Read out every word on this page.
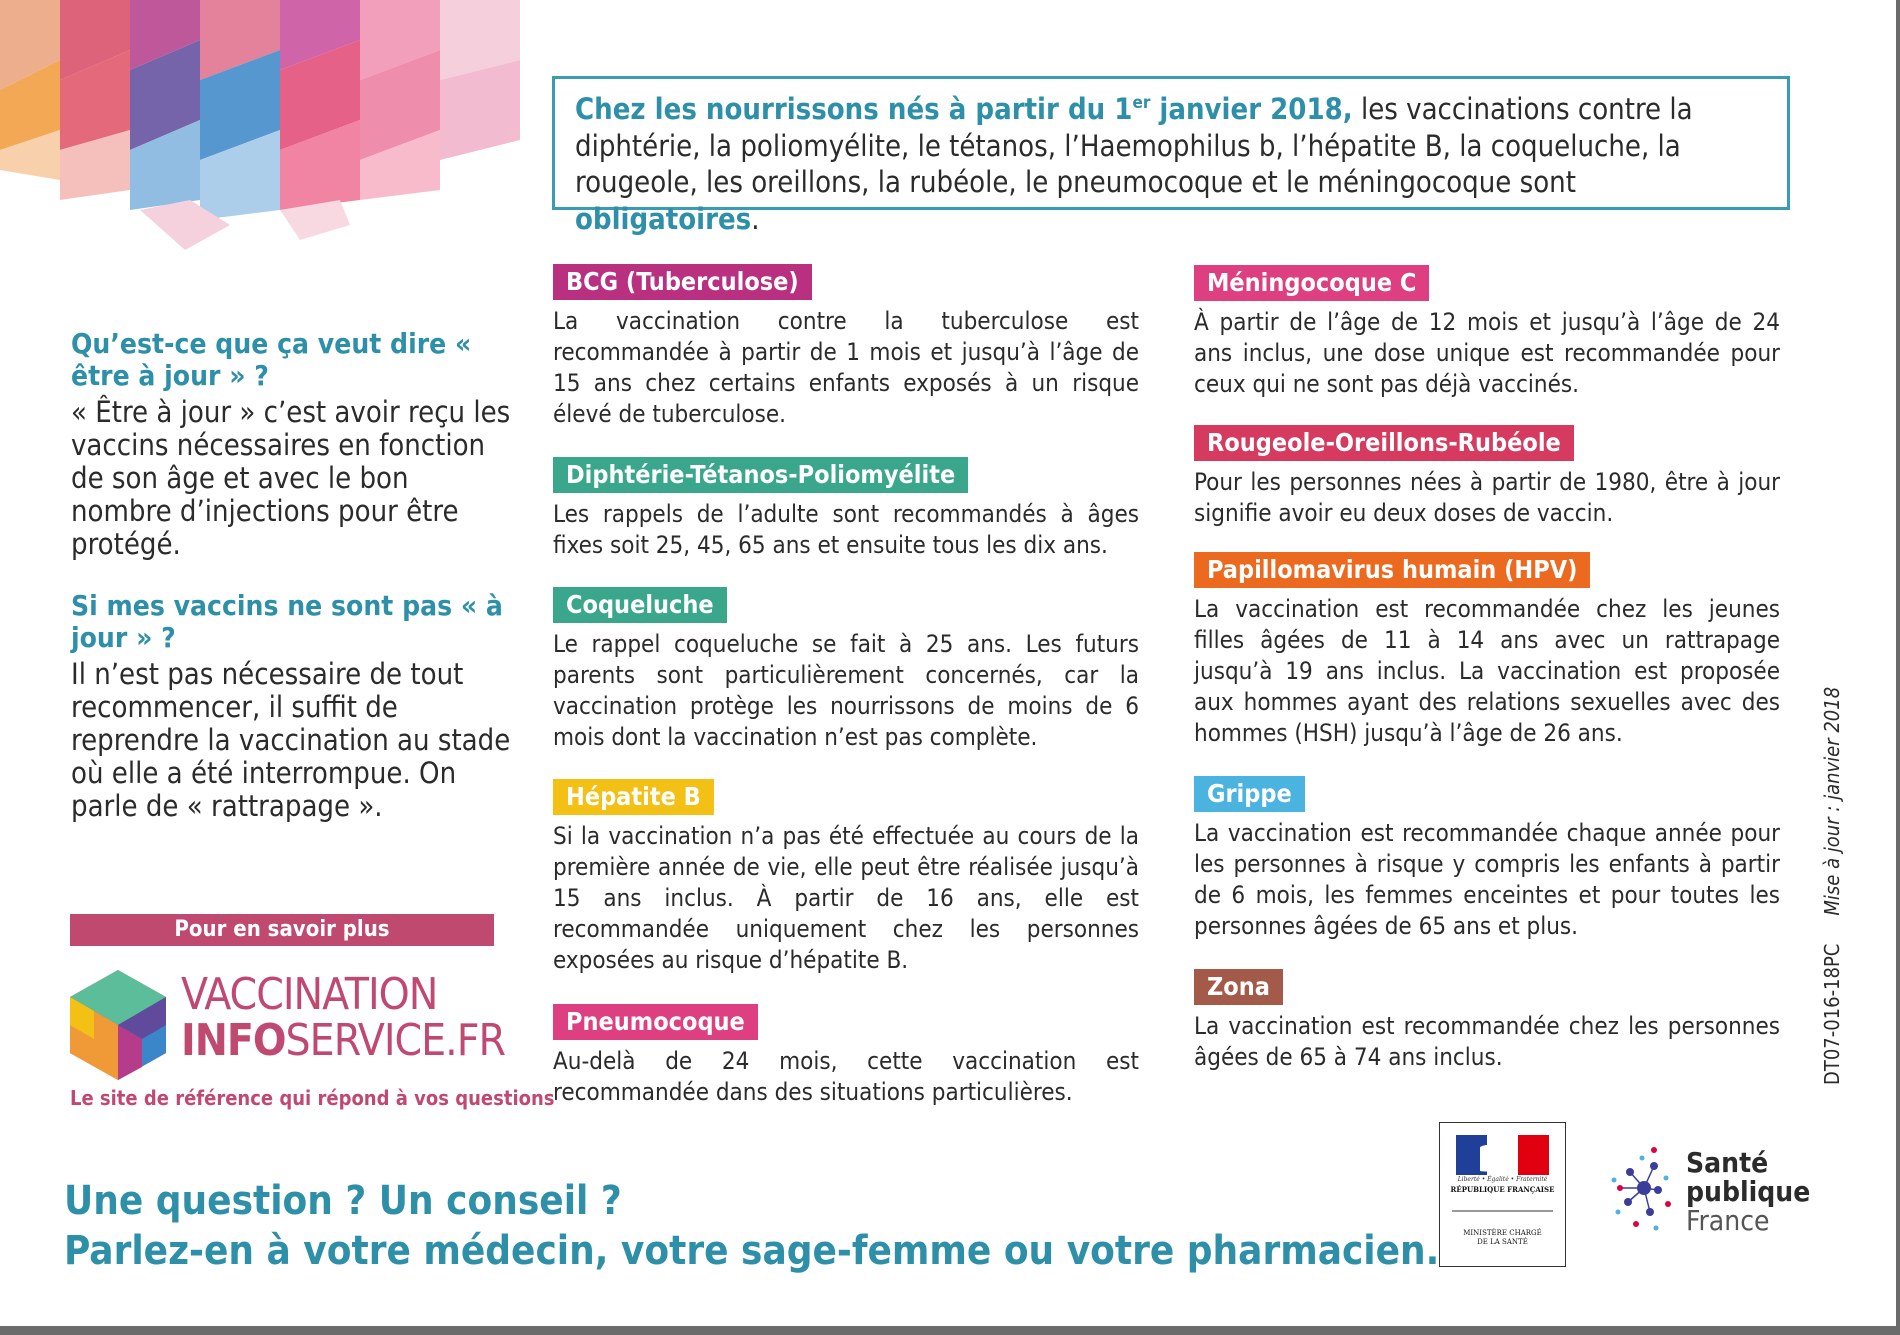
Chez les nourrissons nés à partir du 1er janvier 2018, les vaccinations contre la diphtérie, la poliomyélite, le tétanos, l’Haemophilus b, l’hépatite B, la coqueluche, la rougeole, les oreillons, la rubéole, le pneumocoque et le méningocoque sont obligatoires.
Qu’est-ce que ça veut dire « être à jour » ?

« Être à jour » c’est avoir reçu les vaccins nécessaires en fonction de son âge et avec le bon nombre d’injections pour être protégé.

Si mes vaccins ne sont pas « à jour » ?

Il n’est pas nécessaire de tout recommencer, il suffit de reprendre la vaccination au stade où elle a été interrompue. On parle de « rattrapage ».

Pour en savoir plus
VACCINATION
INFOSERVICE.FR
Le site de référence qui répond à vos questions
BCG (Tuberculose)

La vaccination contre la tuberculose est recommandée à partir de 1 mois et jusqu’à l’âge de 15 ans chez certains enfants exposés à un risque élevé de tuberculose.

Diphtérie-Tétanos-Poliomyélite

Les rappels de l’adulte sont recommandés à âges fixes soit 25, 45, 65 ans et ensuite tous les dix ans.

Coqueluche

Le rappel coqueluche se fait à 25 ans. Les futurs parents sont particulièrement concernés, car la vaccination protège les nourrissons de moins de 6 mois dont la vaccination n’est pas complète.

Hépatite B

Si la vaccination n’a pas été effectuée au cours de la première année de vie, elle peut être réalisée jusqu’à 15 ans inclus. À partir de 16 ans, elle est recommandée uniquement chez les personnes exposées au risque d’hépatite B.

Pneumocoque

Au-delà de 24 mois, cette vaccination est recommandée dans des situations particulières.

Méningocoque C

À partir de l’âge de 12 mois et jusqu’à l’âge de 24 ans inclus, une dose unique est recommandée pour ceux qui ne sont pas déjà vaccinés.

Rougeole-Oreillons-Rubéole

Pour les personnes nées à partir de 1980, être à jour signifie avoir eu deux doses de vaccin.

Papillomavirus humain (HPV)

La vaccination est recommandée chez les jeunes filles âgées de 11 à 14 ans avec un rattrapage jusqu’à 19 ans inclus. La vaccination est proposée aux hommes ayant des relations sexuelles avec des hommes (HSH) jusqu’à l’âge de 26 ans.

Grippe

La vaccination est recommandée chaque année pour les personnes à risque y compris les enfants à partir de 6 mois, les femmes enceintes et pour toutes les personnes âgées de 65 ans et plus.

Zona

La vaccination est recommandée chez les personnes âgées de 65 à 74 ans inclus.

Une question ? Un conseil ?
Parlez-en à votre médecin, votre sage-femme ou votre pharmacien.
DT07-016-18PCMise à jour : janvier 2018
Liberté • Égalité • Fraternité
RÉPUBLIQUE FRANÇAISE
MINISTÈRE CHARGÉ DE LA SANTÉ
Santé
publique
France
